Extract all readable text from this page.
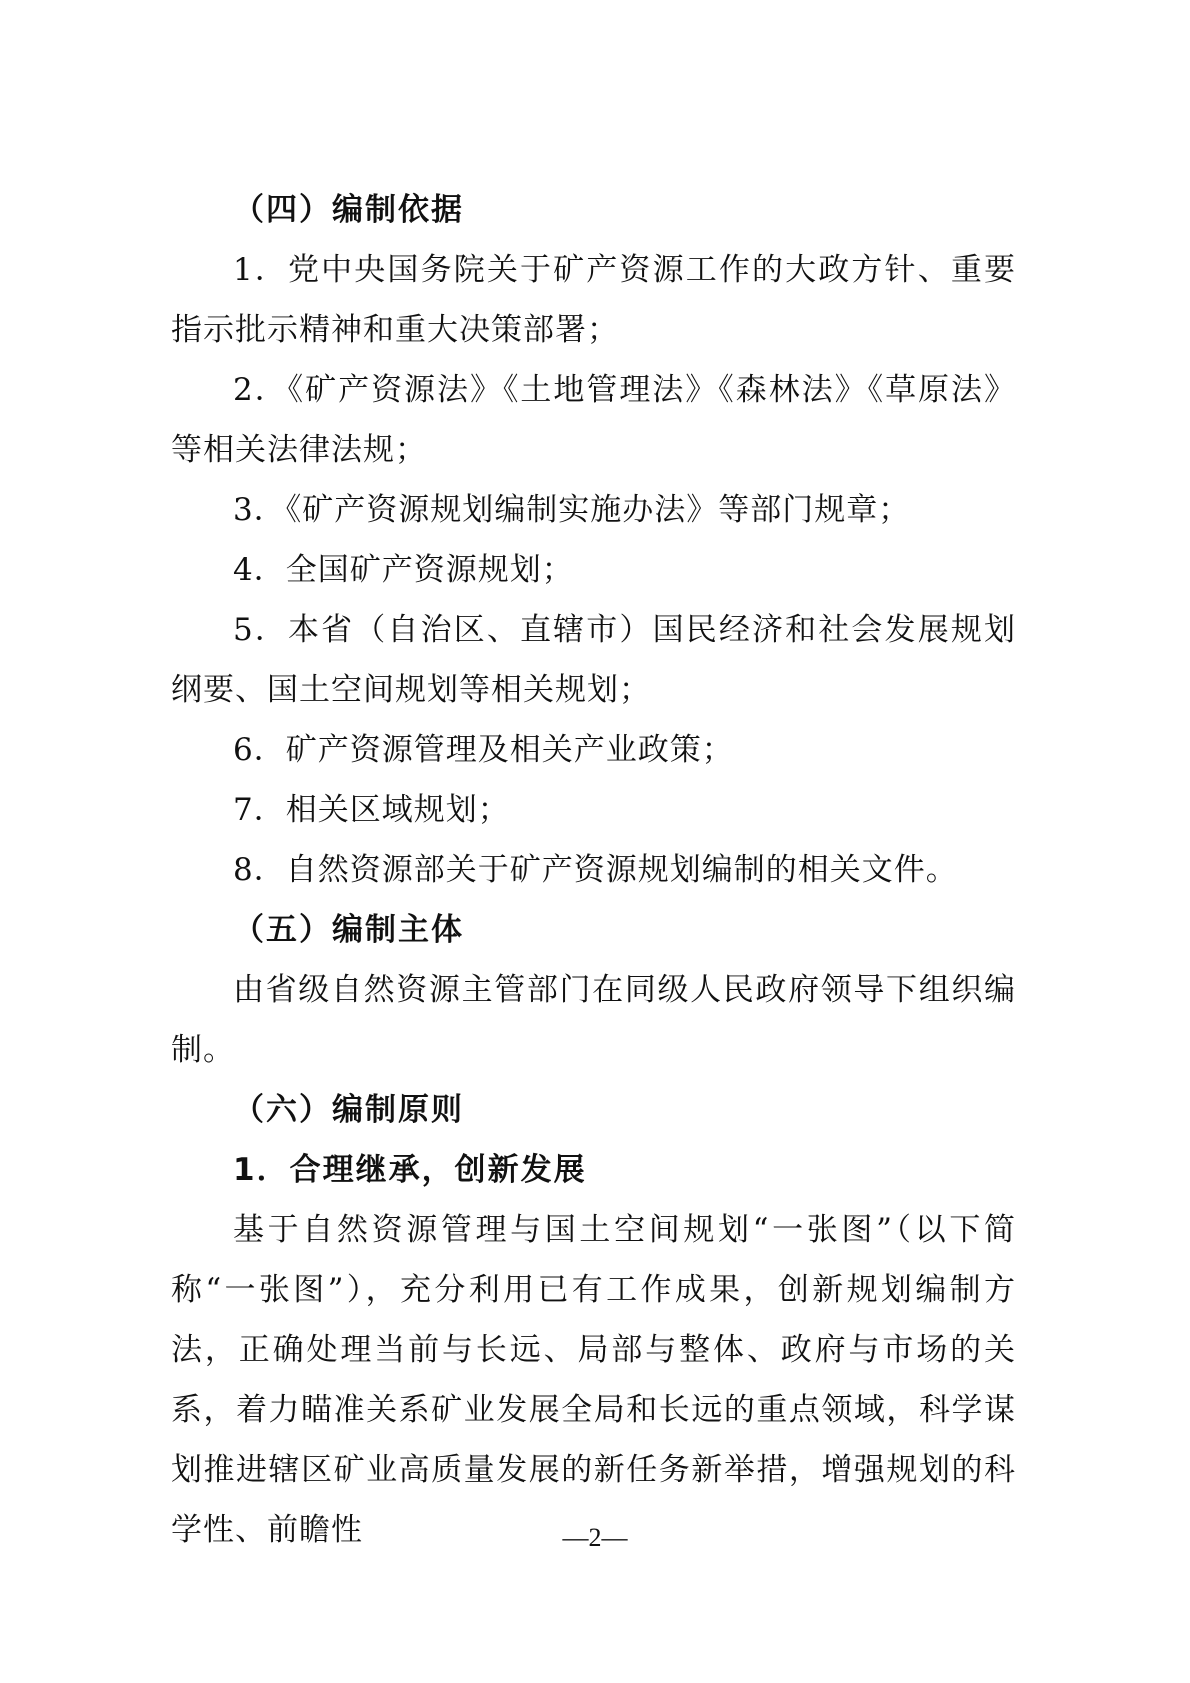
（四）编制依据

1．党中央国务院关于矿产资源工作的大政方针、重要指示批示精神和重大决策部署；

2．《矿产资源法》《土地管理法》《森林法》《草原法》等相关法律法规；

3．《矿产资源规划编制实施办法》等部门规章；

4．全国矿产资源规划；

5．本省（自治区、直辖市）国民经济和社会发展规划纲要、国土空间规划等相关规划；

6．矿产资源管理及相关产业政策；

7．相关区域规划；

8．自然资源部关于矿产资源规划编制的相关文件。

（五）编制主体

由省级自然资源主管部门在同级人民政府领导下组织编制。

（六）编制原则

1．合理继承，创新发展

基于自然资源管理与国土空间规划“一张图”（以下简称“一张图”），充分利用已有工作成果，创新规划编制方法，正确处理当前与长远、局部与整体、政府与市场的关系，着力瞄准关系矿业发展全局和长远的重点领域，科学谋划推进辖区矿业高质量发展的新任务新举措，增强规划的科学性、前瞻性	—2—
